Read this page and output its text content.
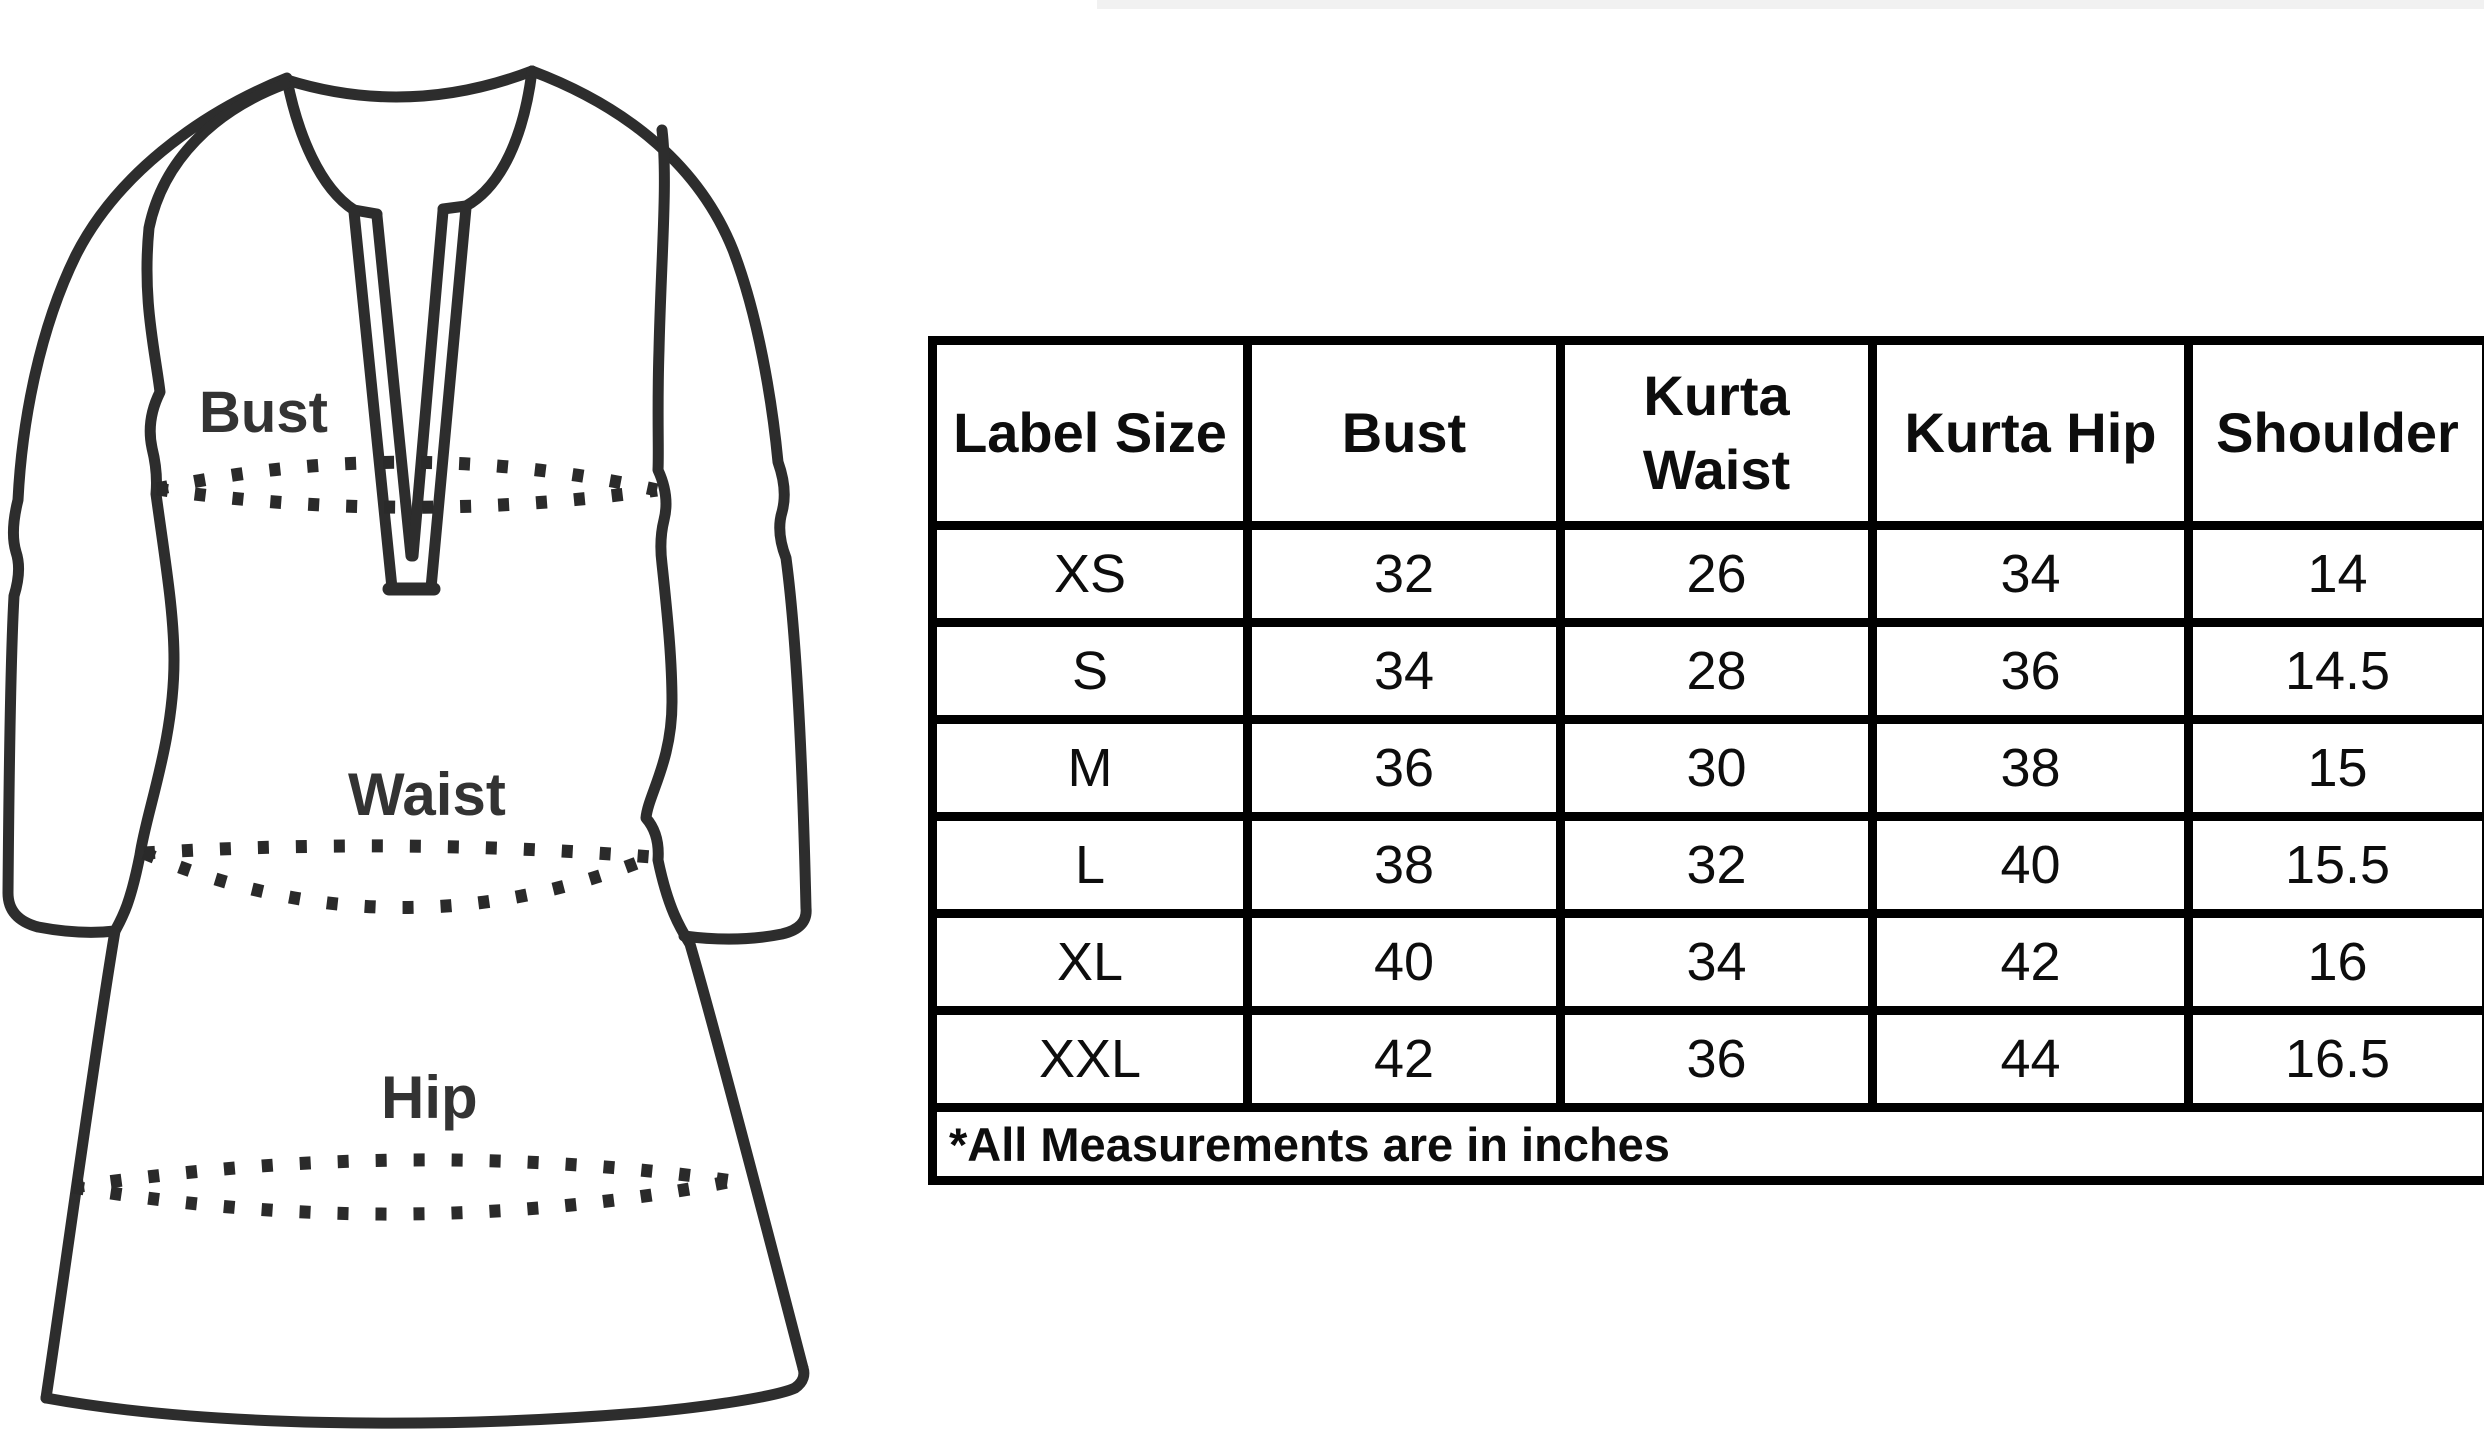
Bust
Waist
Hip
Label Size	Bust	Kurta Waist	Kurta Hip	Shoulder
XS	32	26	34	14
S	34	28	36	14.5
M	36	30	38	15
L	38	32	40	15.5
XL	40	34	42	16
XXL	42	36	44	16.5
*All Measurements are in inches				
